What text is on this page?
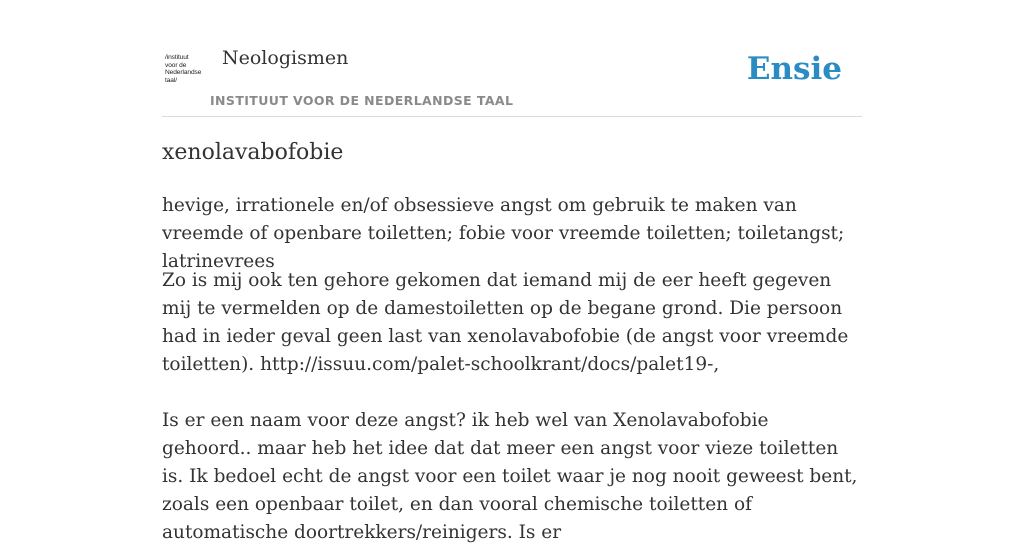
/instituut
voor de
Nederlandse
taal/
Neologismen
INSTITUUT VOOR DE NEDERLANDSE TAAL
Ensie
xenolavabofobie

hevige, irrationele en/of obsessieve angst om gebruik te maken van vreemde of openbare toiletten; fobie voor vreemde toiletten; toiletangst; latrinevrees

Zo is mij ook ten gehore gekomen dat iemand mij de eer heeft gegeven mij te vermelden op de damestoiletten op de begane grond. Die persoon had in ieder geval geen last van xenolavabofobie (de angst voor vreemde toiletten). http://issuu.com/palet-schoolkrant/docs/palet19-,

Is er een naam voor deze angst? ik heb wel van Xenolavabofobie gehoord.. maar heb het idee dat dat meer een angst voor vieze toiletten is. Ik bedoel echt de angst voor een toilet waar je nog nooit geweest bent, zoals een openbaar toilet, en dan vooral chemische toiletten of automatische doortrekkers/reinigers. Is er
